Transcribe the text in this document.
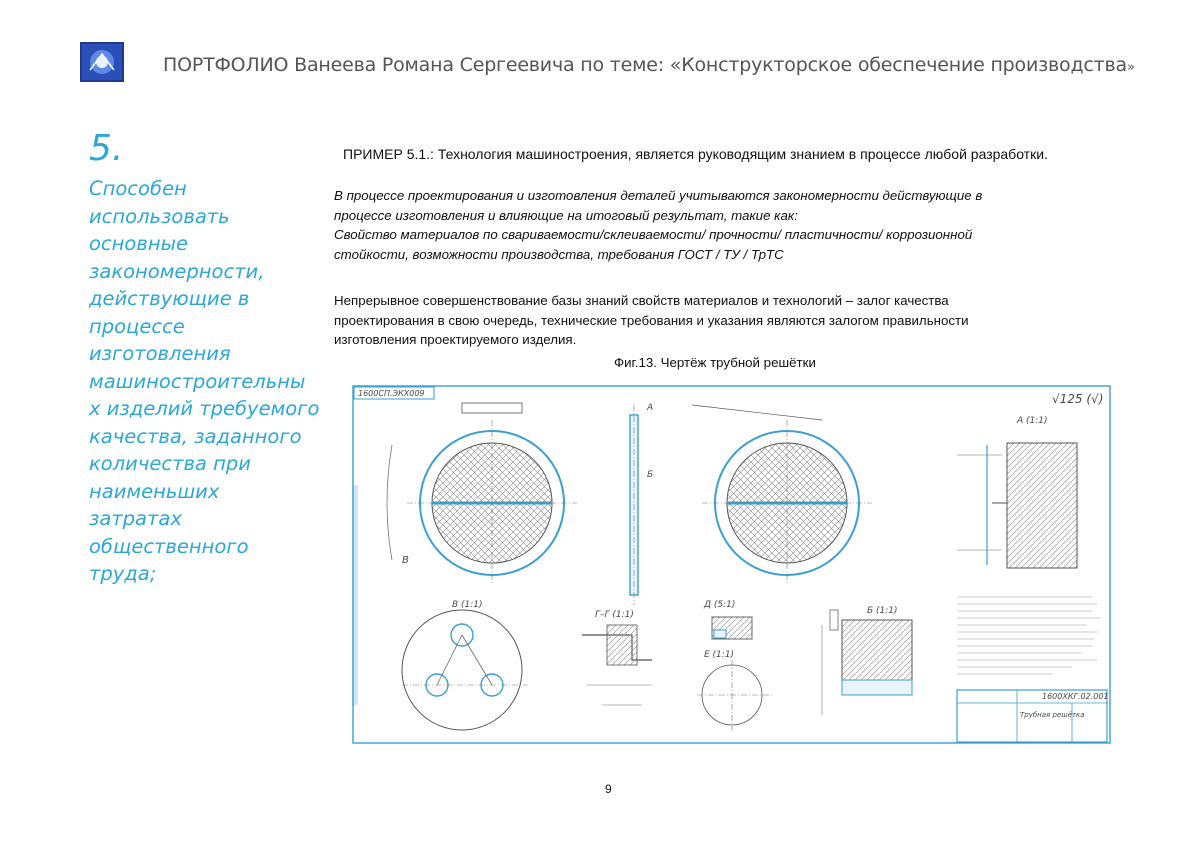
ПОРТФОЛИО Ванеева Романа Сергеевича по теме: «Конструкторское обеспечение производства»
5.
Способен
использовать
основные
закономерности,
действующие в
процессе
изготовления
машиностроительны
х изделий требуемого
качества, заданного
количества при
наименьших
затратах
общественного
труда;
ПРИМЕР 5.1.: Технология машиностроения, является руководящим знанием в процессе любой разработки.
В процессе проектирования и изготовления деталей учитываются закономерности действующие в
процессе изготовления и влияющие на итоговый результат, такие как:
Свойство материалов по свариваемости/склеиваемости/ прочности/ пластичности/ коррозионной
стойкости, возможности производства, требования ГОСТ / ТУ / ТрТС
Непрерывное совершенствование базы знаний свойств материалов и технологий – залог качества
проектирования в свою очередь, технические требования и указания являются залогом правильности
изготовления проектируемого изделия.
Фиг.13. Чертёж трубной решётки
1600СП.ЭКХ009	√125 (√)
В
А
Б
А (1:1)
В (1:1)
Г–Г (1:1)
Д (5:1)
Е (1:1)
Б (1:1)
1600ХКГ.02.001
Трубная решётка
9
